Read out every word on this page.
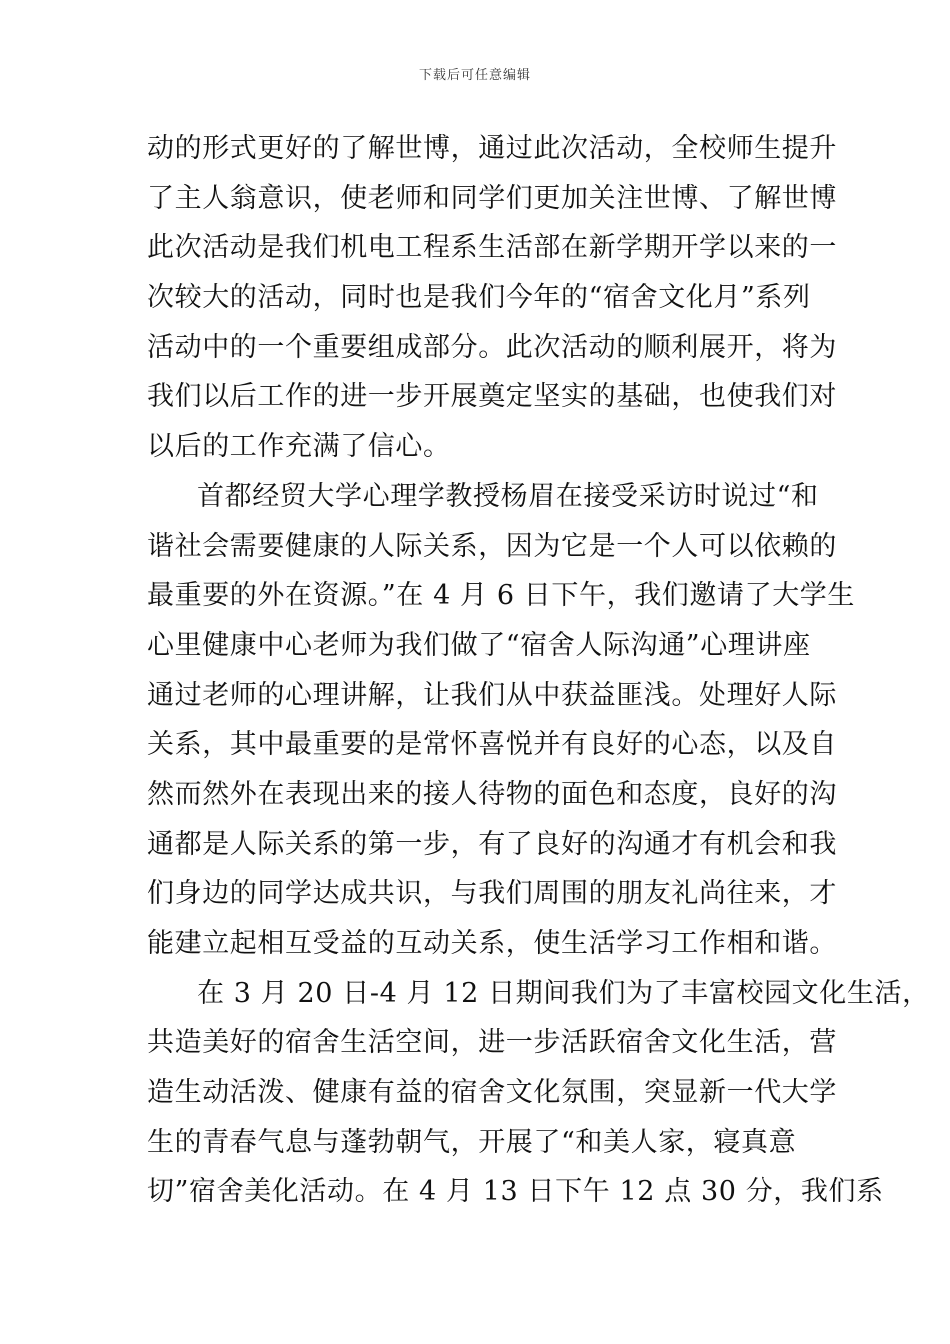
下载后可任意编辑
动的形式更好的了解世博，通过此次活动，全校师生提升
了主人翁意识，使老师和同学们更加关注世博、了解世博
此次活动是我们机电工程系生活部在新学期开学以来的一
次较大的活动，同时也是我们今年的“宿舍文化月”系列
活动中的一个重要组成部分。此次活动的顺利展开，将为
我们以后工作的进一步开展奠定坚实的基础，也使我们对
以后的工作充满了信心。
首都经贸大学心理学教授杨眉在接受采访时说过“和
谐社会需要健康的人际关系，因为它是一个人可以依赖的
最重要的外在资源。”在 4 月 6 日下午，我们邀请了大学生
心里健康中心老师为我们做了“宿舍人际沟通”心理讲座
通过老师的心理讲解，让我们从中获益匪浅。处理好人际
关系，其中最重要的是常怀喜悦并有良好的心态，以及自
然而然外在表现出来的接人待物的面色和态度，良好的沟
通都是人际关系的第一步，有了良好的沟通才有机会和我
们身边的同学达成共识，与我们周围的朋友礼尚往来，才
能建立起相互受益的互动关系，使生活学习工作相和谐。
在 3 月 20 日-4 月 12 日期间我们为了丰富校园文化生活，
共造美好的宿舍生活空间，进一步活跃宿舍文化生活，营
造生动活泼、健康有益的宿舍文化氛围，突显新一代大学
生的青春气息与蓬勃朝气，开展了“和美人家，寝真意
切”宿舍美化活动。在 4 月 13 日下午 12 点 30 分，我们系
